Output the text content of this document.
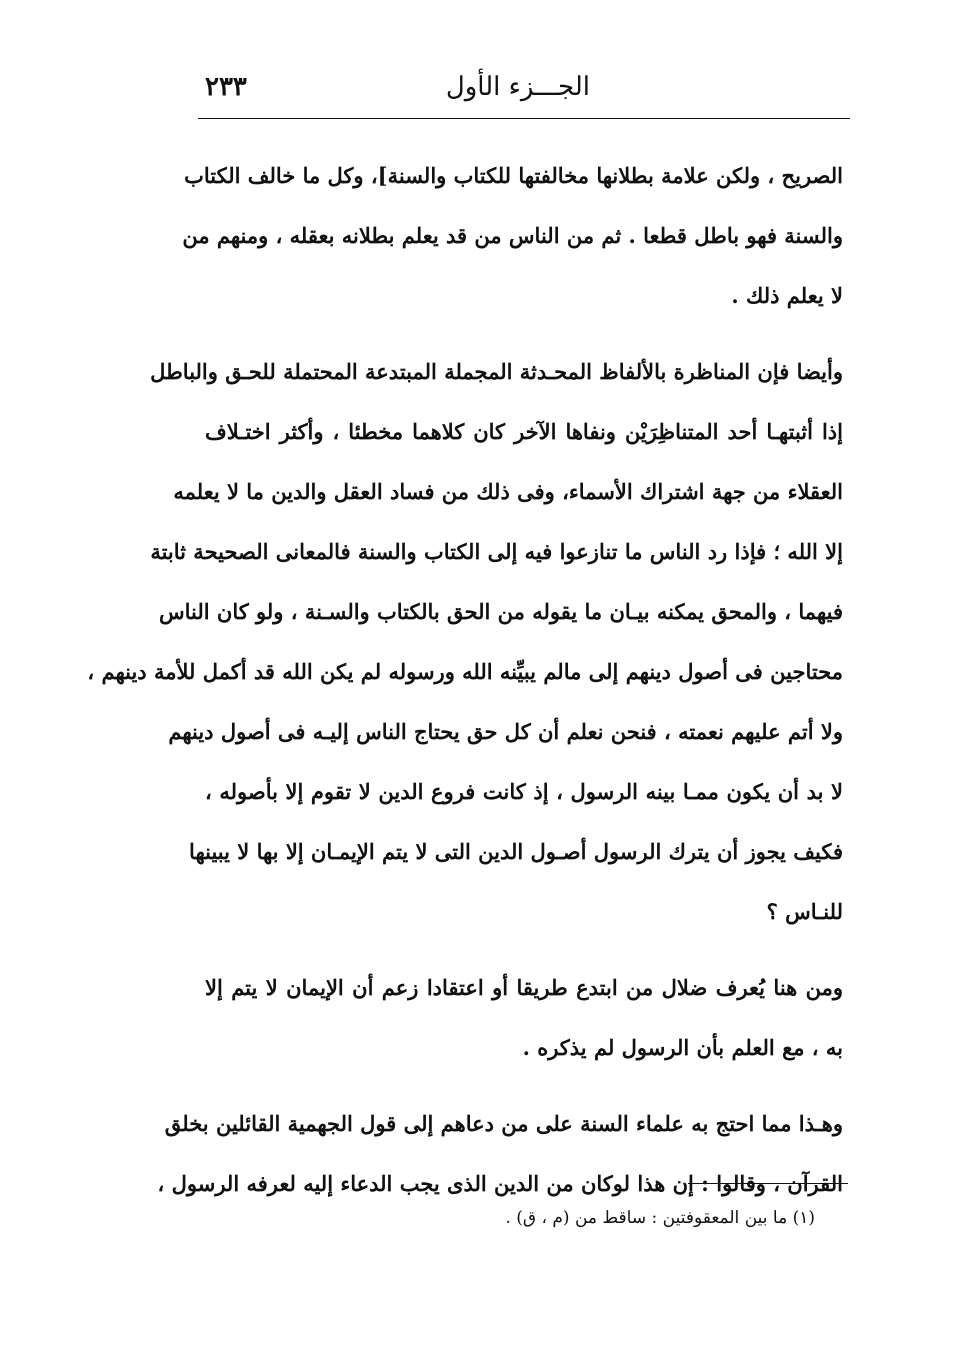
الجـــزء الأول
٢٣٣
الصريح ، ولكن علامة بطلانها مخالفتها للكتاب والسنة]، وكل ما خالف الكتاب
والسنة فهو باطل قطعا . ثم من الناس من قد يعلم بطلانه بعقله ، ومنهم من
لا يعلم ذلك .
وأيضا فإن المناظرة بالألفاظ المحـدثة المجملة المبتدعة المحتملة للحـق والباطل
إذا أثبتهـا أحد المتناظِرَيْن ونفاها الآخر كان كلاهما مخطئا ، وأكثر اختـلاف
العقلاء من جهة اشتراك الأسماء، وفى ذلك من فساد العقل والدين ما لا يعلمه
إلا الله ؛ فإذا رد الناس ما تنازعوا فيه إلى الكتاب والسنة فالمعانى الصحيحة ثابتة
فيهما ، والمحق يمكنه بيـان ما يقوله من الحق بالكتاب والسـنة ، ولو كان الناس
محتاجين فى أصول دينهم إلى مالم يبيِّنه الله ورسوله لم يكن الله قد أكمل للأمة دينهم ،
ولا أتم عليهم نعمته ، فنحن نعلم أن كل حق يحتاج الناس إليـه فى أصول دينهم
لا بد أن يكون ممـا بينه الرسول ، إذ كانت فروع الدين لا تقوم إلا بأصوله ،
فكيف يجوز أن يترك الرسول أصـول الدين التى لا يتم الإيمـان إلا بها لا يبينها
للنـاس ؟
ومن هنا يُعرف ضلال من ابتدع طريقا أو اعتقادا زعم أن الإيمان لا يتم إلا
به ، مع العلم بأن الرسول لم يذكره .
وهـذا مما احتج به علماء السنة على من دعاهم إلى قول الجهمية القائلين بخلق
القرآن ، وقالوا : إن هذا لوكان من الدين الذى يجب الدعاء إليه لعرفه الرسول ،
(١) ما بين المعقوفتين : ساقط من (م ، ق) .
